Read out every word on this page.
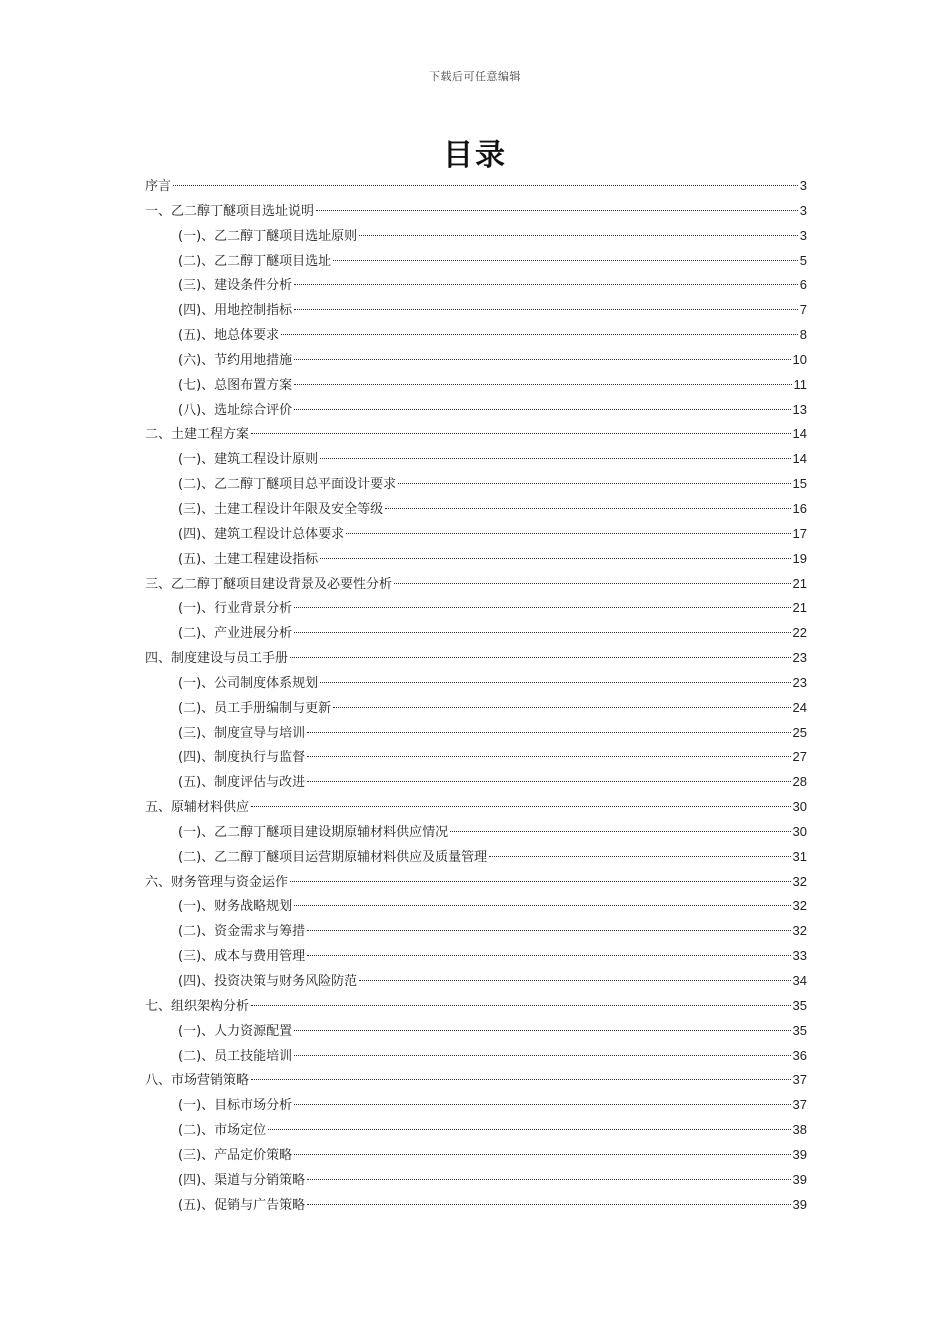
下载后可任意编辑
目录
序言	3
一、乙二醇丁醚项目选址说明	3
(一)、乙二醇丁醚项目选址原则	3
(二)、乙二醇丁醚项目选址	5
(三)、建设条件分析	6
(四)、用地控制指标	7
(五)、地总体要求	8
(六)、节约用地措施	10
(七)、总图布置方案	11
(八)、选址综合评价	13
二、土建工程方案	14
(一)、建筑工程设计原则	14
(二)、乙二醇丁醚项目总平面设计要求	15
(三)、土建工程设计年限及安全等级	16
(四)、建筑工程设计总体要求	17
(五)、土建工程建设指标	19
三、乙二醇丁醚项目建设背景及必要性分析	21
(一)、行业背景分析	21
(二)、产业进展分析	22
四、制度建设与员工手册	23
(一)、公司制度体系规划	23
(二)、员工手册编制与更新	24
(三)、制度宣导与培训	25
(四)、制度执行与监督	27
(五)、制度评估与改进	28
五、原辅材料供应	30
(一)、乙二醇丁醚项目建设期原辅材料供应情况	30
(二)、乙二醇丁醚项目运营期原辅材料供应及质量管理	31
六、财务管理与资金运作	32
(一)、财务战略规划	32
(二)、资金需求与筹措	32
(三)、成本与费用管理	33
(四)、投资决策与财务风险防范	34
七、组织架构分析	35
(一)、人力资源配置	35
(二)、员工技能培训	36
八、市场营销策略	37
(一)、目标市场分析	37
(二)、市场定位	38
(三)、产品定价策略	39
(四)、渠道与分销策略	39
(五)、促销与广告策略	39
